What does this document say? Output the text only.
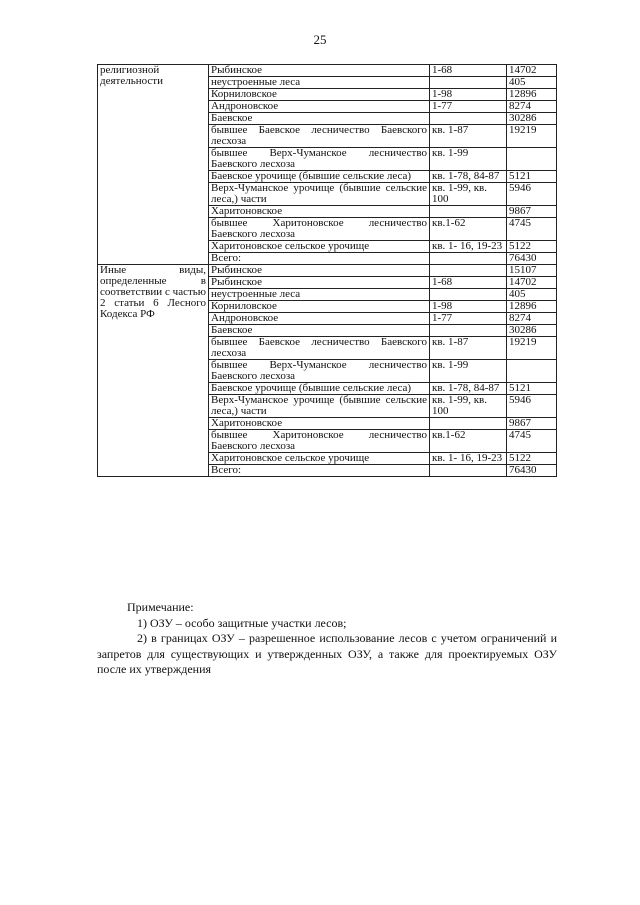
25
религиозной деятельности	Рыбинское	1-68	14702
	неустроенные леса		405
	Корниловское	1-98	12896
	Андроновское	1-77	8274
	Баевское		30286
	бывшее Баевское лесничество Баевского лесхоза	кв. 1-87	19219
	бывшее Верх-Чуманское лесничество Баевского лесхоза	кв. 1-99	
	Баевское урочище (бывшие сельские леса)	кв. 1-78, 84-87	5121
	Верх-Чуманское урочище (бывшие сельские леса,) части	кв. 1-99, кв. 100	5946
	Харитоновское		9867
	бывшее Харитоновское лесничество Баевского лесхоза	кв.1-62	4745
	Харитоновское сельское урочище	кв. 1- 16, 19-23	5122
	Всего:		76430
Иные виды, определенные в соответствии с частью 2 статьи 6 Лесного Кодекса РФ	Рыбинское		15107
	Рыбинское	1-68	14702
	неустроенные леса		405
	Корниловское	1-98	12896
	Андроновское	1-77	8274
	Баевское		30286
	бывшее Баевское лесничество Баевского лесхоза	кв. 1-87	19219
	бывшее Верх-Чуманское лесничество Баевского лесхоза	кв. 1-99	
	Баевское урочище (бывшие сельские леса)	кв. 1-78, 84-87	5121
	Верх-Чуманское урочище (бывшие сельские леса,) части	кв. 1-99, кв. 100	5946
	Харитоновское		9867
	бывшее Харитоновское лесничество Баевского лесхоза	кв.1-62	4745
	Харитоновское сельское урочище	кв. 1- 16, 19-23	5122
	Всего:		76430

Примечание:

1) ОЗУ – особо защитные участки лесов;

2) в границах ОЗУ – разрешенное использование лесов с учетом ограничений и запретов для существующих и утвержденных ОЗУ, а также для проектируемых ОЗУ после их утверждения
